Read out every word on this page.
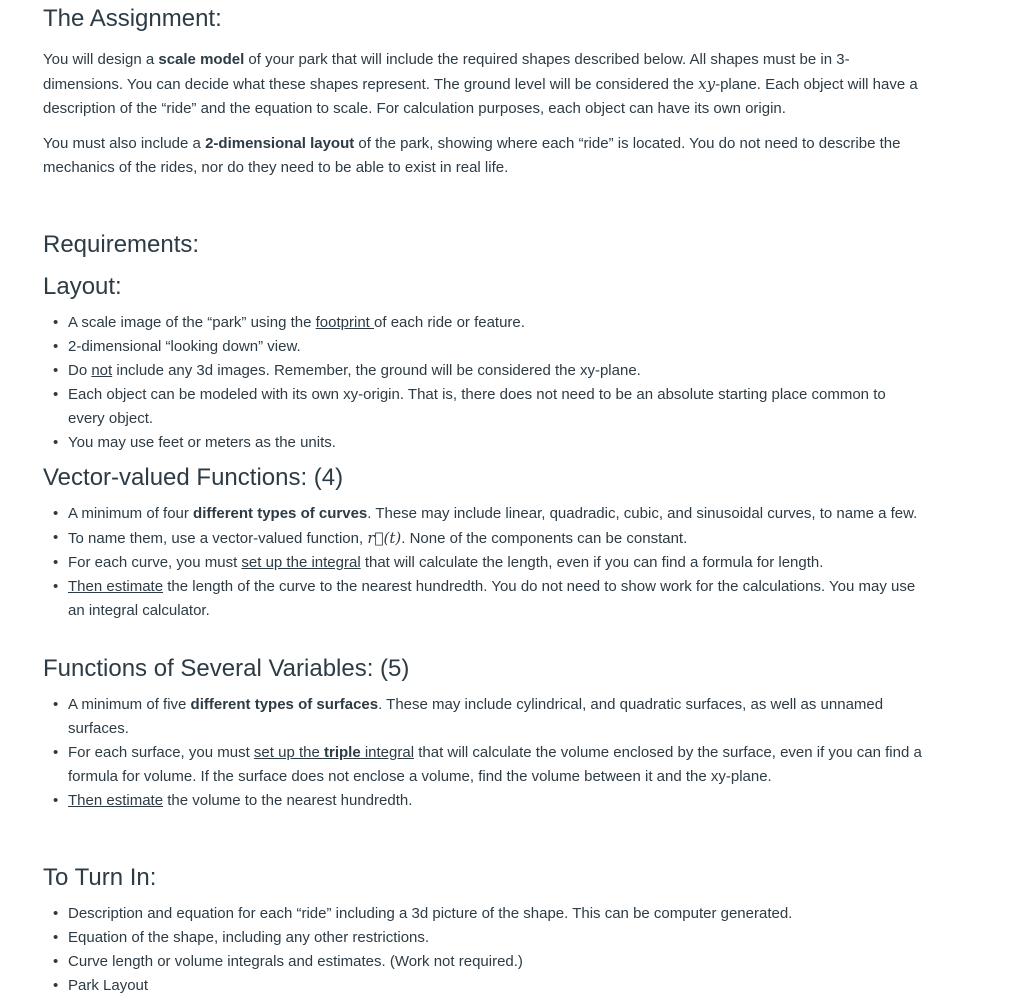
The Assignment:

You will design a scale model of your park that will include the required shapes described below. All shapes must be in 3-dimensions. You can decide what these shapes represent. The ground level will be considered the xy-plane. Each object will have a description of the “ride” and the equation to scale. For calculation purposes, each object can have its own origin.

You must also include a 2-dimensional layout of the park, showing where each “ride” is located. You do not need to describe the mechanics of the rides, nor do they need to be able to exist in real life.

Requirements:
Layout:
• A scale image of the “park” using the footprint of each ride or feature.
• 2-dimensional “looking down” view.
• Do not include any 3d images. Remember, the ground will be considered the xy-plane.
• Each object can be modeled with its own xy-origin. That is, there does not need to be an absolute starting place common to every object.
• You may use feet or meters as the units.
Vector-valued Functions: (4)
• A minimum of four different types of curves. These may include linear, quadradic, cubic, and sinusoidal curves, to name a few.
• To name them, use a vector-valued function, r⃗(t). None of the components can be constant.
• For each curve, you must set up the integral that will calculate the length, even if you can find a formula for length.
• Then estimate the length of the curve to the nearest hundredth. You do not need to show work for the calculations. You may use an integral calculator.
Functions of Several Variables: (5)
• A minimum of five different types of surfaces. These may include cylindrical, and quadratic surfaces, as well as unnamed surfaces.
• For each surface, you must set up the triple integral that will calculate the volume enclosed by the surface, even if you can find a formula for volume. If the surface does not enclose a volume, find the volume between it and the xy-plane.
• Then estimate the volume to the nearest hundredth.
To Turn In:
• Description and equation for each “ride” including a 3d picture of the shape. This can be computer generated.
• Equation of the shape, including any other restrictions.
• Curve length or volume integrals and estimates. (Work not required.)
• Park Layout
